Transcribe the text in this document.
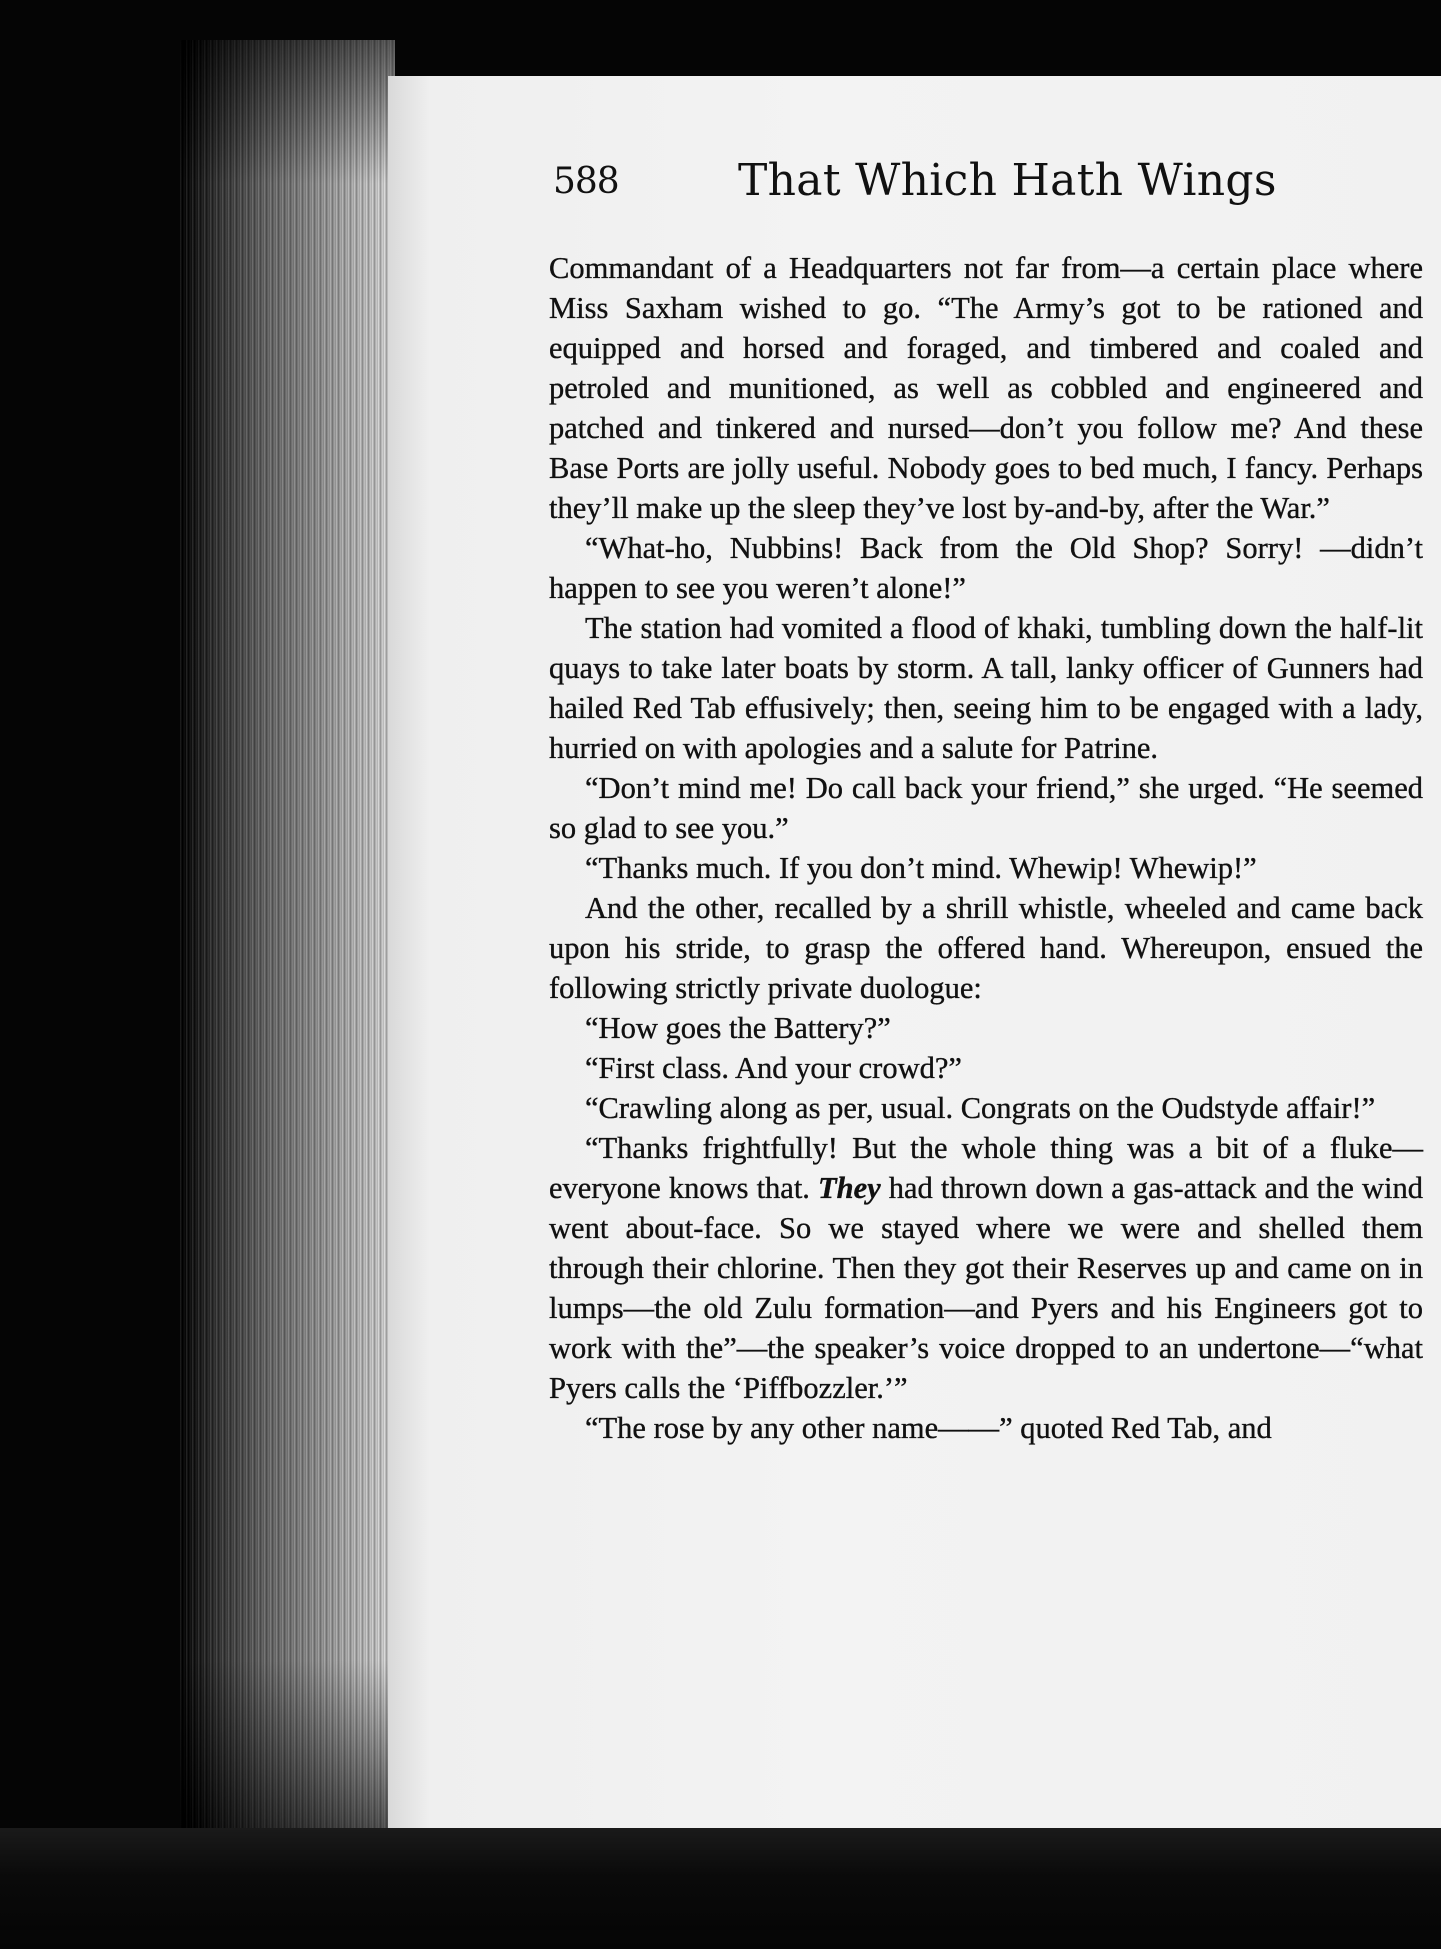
588	That Which Hath Wings

Commandant of a Headquarters not far from—a certain place where Miss Saxham wished to go. “The Army’s got to be rationed and equipped and horsed and foraged, and timbered and coaled and petroled and munitioned, as well as cobbled and engineered and patched and tinkered and nursed—don’t you follow me? And these Base Ports are jolly useful. Nobody goes to bed much, I fancy. Perhaps they’ll make up the sleep they’ve lost by-and-by, after the War.”

“What-ho, Nubbins! Back from the Old Shop? Sorry! —didn’t happen to see you weren’t alone!”

The station had vomited a flood of khaki, tumbling down the half-lit quays to take later boats by storm. A tall, lanky officer of Gunners had hailed Red Tab effusively; then, seeing him to be engaged with a lady, hurried on with apologies and a salute for Patrine.

“Don’t mind me! Do call back your friend,” she urged. “He seemed so glad to see you.”

“Thanks much. If you don’t mind. Whewip! Whewip!”

And the other, recalled by a shrill whistle, wheeled and came back upon his stride, to grasp the offered hand. Whereupon, ensued the following strictly private duologue:

“How goes the Battery?”

“First class. And your crowd?”

“Crawling along as per, usual. Congrats on the Oudstyde affair!”

“Thanks frightfully! But the whole thing was a bit of a fluke—everyone knows that. They had thrown down a gas-attack and the wind went about-face. So we stayed where we were and shelled them through their chlorine. Then they got their Reserves up and came on in lumps—the old Zulu formation—and Pyers and his Engineers got to work with the”—the speaker’s voice dropped to an undertone—“what Pyers calls the ‘Piffbozzler.’”

“The rose by any other name——” quoted Red Tab, and
